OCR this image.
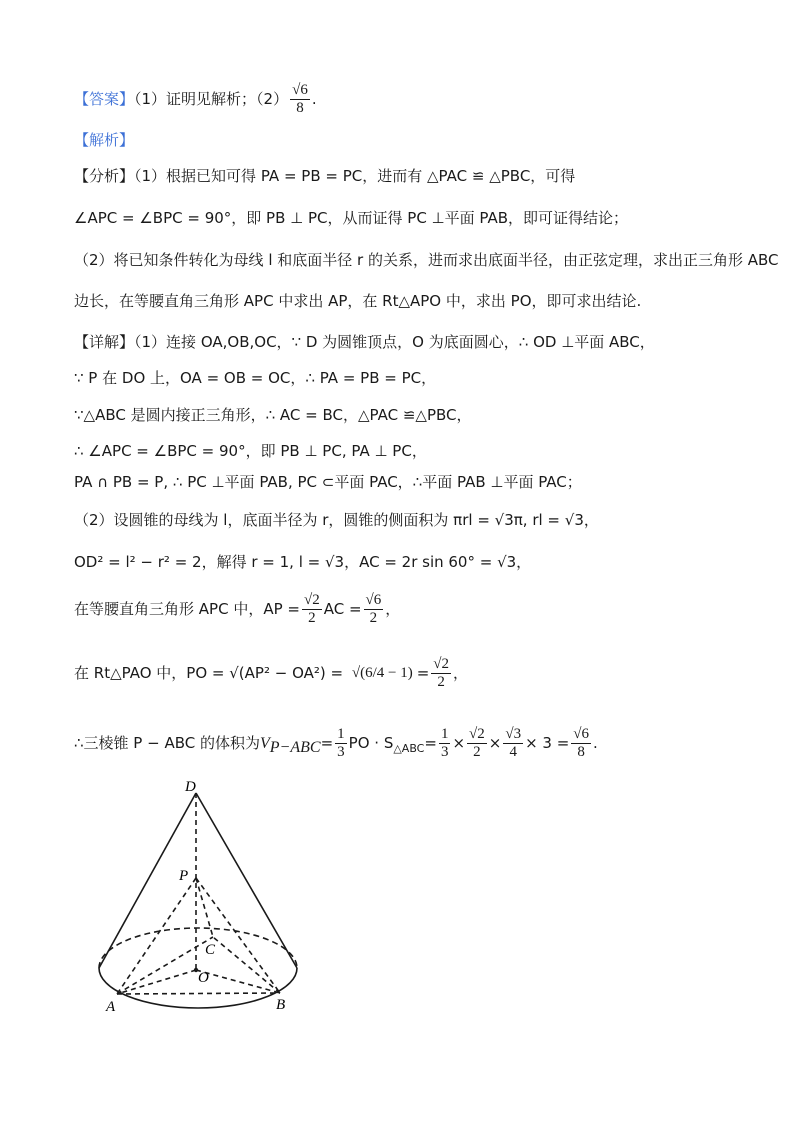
【答案】（1）证明见解析；$(2) \frac{√6}{8}$ .
【解析】
【分析】（1）根据已知可得 PA = PB = PC，进而有 △PAC ≌ △PBC，可得
∠APC = ∠BPC = 90°，即 PB ⊥ PC，从而证得 PC ⊥平面 PAB，即可证得结论；
（2）将已知条件转化为母线 l 和底面半径 r 的关系，进而求出底面半径，由正弦定理，求出正三角形 ABC
边长，在等腰直角三角形 APC 中求出 AP，在 Rt△APO 中，求出 PO，即可求出结论.
【详解】（1）连接 OA,OB,OC，∵ D 为圆锥顶点，O 为底面圆心，∴ OD ⊥平面 ABC，
∵ P 在 DO 上，OA = OB = OC，∴ PA = PB = PC，
∵△ABC 是圆内接正三角形，∴ AC = BC，△PAC ≌△PBC，
∴ ∠APC = ∠BPC = 90°，即 PB ⊥ PC, PA ⊥ PC，
PA ∩ PB = P, ∴ PC ⊥平面 PAB, PC ⊂平面 PAC，∴平面 PAB ⊥平面 PAC；
（2）设圆锥的母线为 l，底面半径为 r，圆锥的侧面积为 πrl = √3π, rl = √3，
OD² = l² − r² = 2，解得 r = 1, l = √3，AC = 2r sin 60° = √3，
在等腰直角三角形 APC 中，AP = $\frac{√2}{2}$ AC = $\frac{√6}{2}$ ，
在 Rt△PAO 中，PO = $√(AP^2 - OA^2) = √(6/4 - 1) = \frac{√2}{2}$ ，
∴三棱锥 P − ABC 的体积为$V_{P-ABC}= \frac{1}{3}$ PO · $S_{\triangle ABC}= \frac{1}{3} \times \frac{√2}{2} \times \frac{√3}{4} \times 3 = \frac{√6}{8}$ .
D
P
C
O
A	B
